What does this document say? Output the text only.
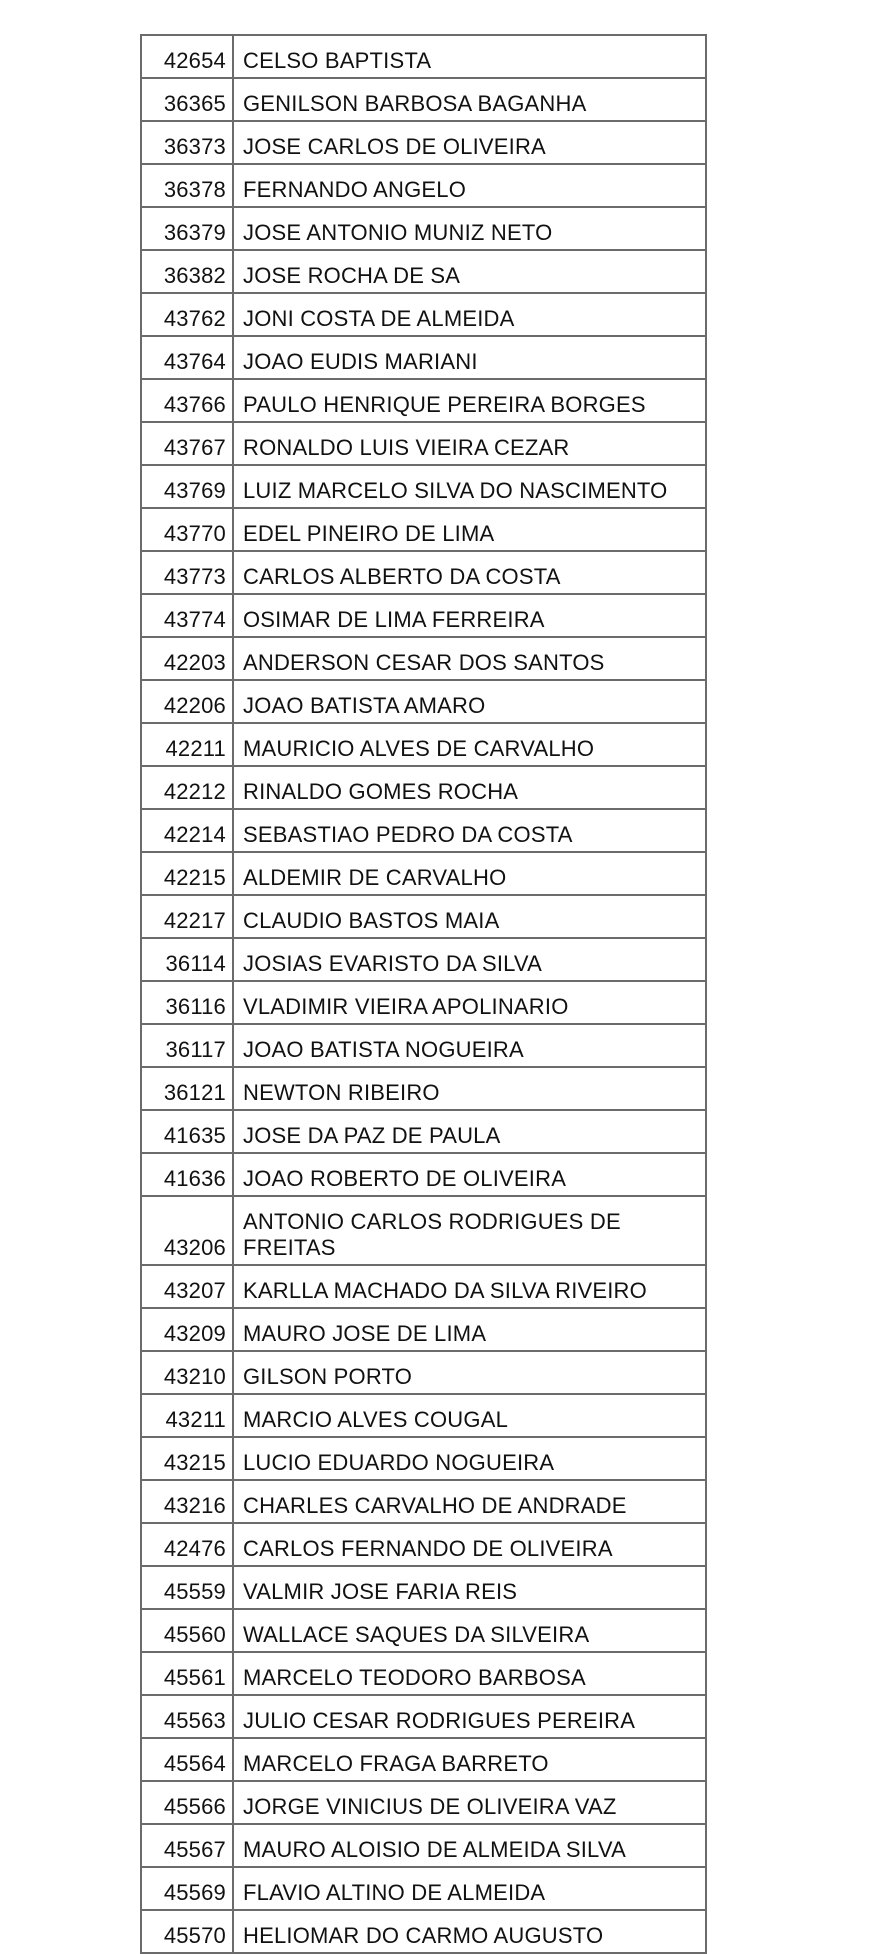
42654	CELSO BAPTISTA
36365	GENILSON BARBOSA BAGANHA
36373	JOSE CARLOS DE OLIVEIRA
36378	FERNANDO ANGELO
36379	JOSE ANTONIO MUNIZ NETO
36382	JOSE ROCHA DE SA
43762	JONI COSTA DE ALMEIDA
43764	JOAO EUDIS MARIANI
43766	PAULO HENRIQUE PEREIRA BORGES
43767	RONALDO LUIS VIEIRA CEZAR
43769	LUIZ MARCELO SILVA DO NASCIMENTO
43770	EDEL PINEIRO DE LIMA
43773	CARLOS ALBERTO DA COSTA
43774	OSIMAR DE LIMA FERREIRA
42203	ANDERSON CESAR DOS SANTOS
42206	JOAO BATISTA AMARO
42211	MAURICIO ALVES DE CARVALHO
42212	RINALDO GOMES ROCHA
42214	SEBASTIAO PEDRO DA COSTA
42215	ALDEMIR DE CARVALHO
42217	CLAUDIO BASTOS MAIA
36114	JOSIAS EVARISTO DA SILVA
36116	VLADIMIR VIEIRA APOLINARIO
36117	JOAO BATISTA NOGUEIRA
36121	NEWTON RIBEIRO
41635	JOSE DA PAZ DE PAULA
41636	JOAO ROBERTO DE OLIVEIRA
43206	ANTONIO CARLOS RODRIGUES DE
FREITAS
43207	KARLLA MACHADO DA SILVA RIVEIRO
43209	MAURO JOSE DE LIMA
43210	GILSON PORTO
43211	MARCIO ALVES COUGAL
43215	LUCIO EDUARDO NOGUEIRA
43216	CHARLES CARVALHO DE ANDRADE
42476	CARLOS FERNANDO DE OLIVEIRA
45559	VALMIR JOSE FARIA REIS
45560	WALLACE SAQUES DA SILVEIRA
45561	MARCELO TEODORO BARBOSA
45563	JULIO CESAR RODRIGUES PEREIRA
45564	MARCELO FRAGA BARRETO
45566	JORGE VINICIUS DE OLIVEIRA VAZ
45567	MAURO ALOISIO DE ALMEIDA SILVA
45569	FLAVIO ALTINO DE ALMEIDA
45570	HELIOMAR DO CARMO AUGUSTO
